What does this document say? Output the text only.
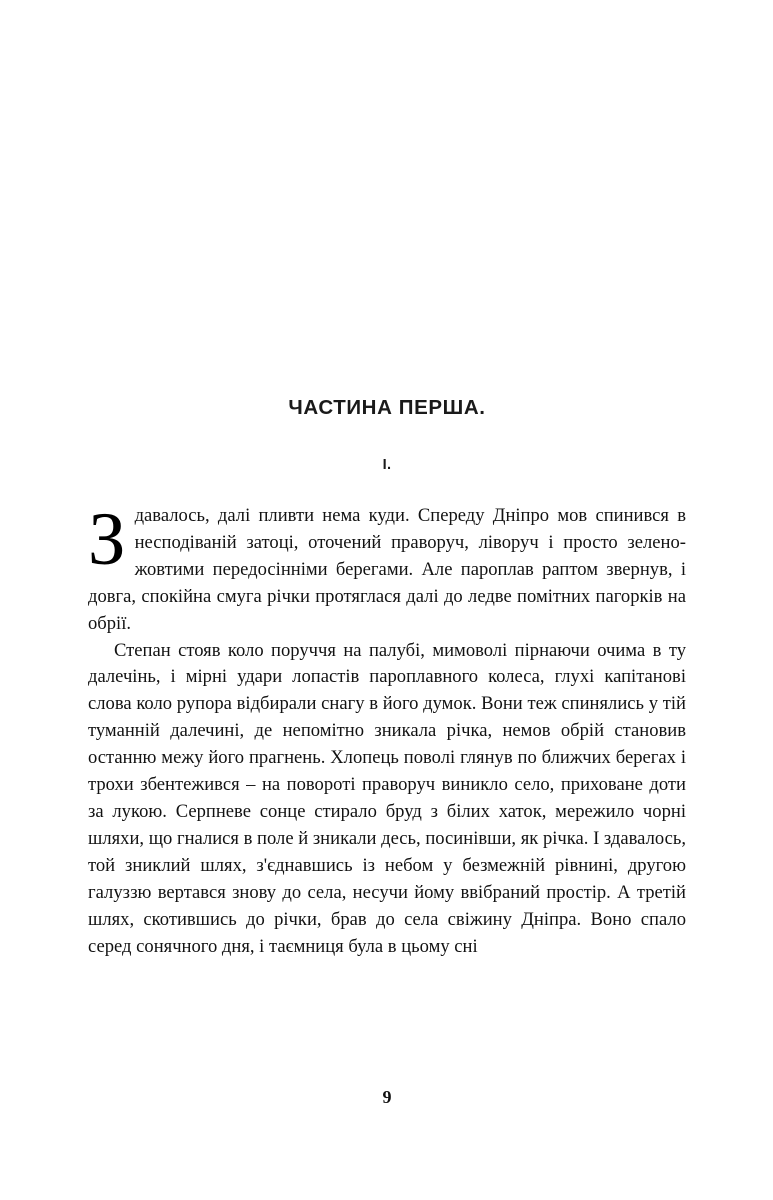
ЧАСТИНА ПЕРША.
I.

Здавалось, далі пливти нема куди. Спереду Дніпро мов спинився в несподіваній затоці, оточений праворуч, ліворуч і просто зелено-жовтими передосінніми берегами. Але пароплав раптом звернув, і довга, спокійна смуга річки протяглася далі до ледве помітних пагорків на обрії.

Степан стояв коло поруччя на палубі, мимоволі пірнаючи очима в ту далечінь, і мірні удари лопастів пароплавного колеса, глухі капітанові слова коло рупора відбирали снагу в його думок. Вони теж спинялись у тій туманній далечині, де непомітно зникала річка, немов обрій становив останню межу його прагнень. Хлопець поволі глянув по ближчих берегах і трохи збентежився – на повороті праворуч виникло село, приховане доти за лукою. Серпневе сонце стирало бруд з білих хаток, мережило чорні шляхи, що гналися в поле й зникали десь, посинівши, як річка. І здавалось, той зниклий шлях, з'єднавшись із небом у безмежній рівнині, другою галуззю вертався знову до села, несучи йому ввібраний простір. А третій шлях, скотившись до річки, брав до села свіжину Дніпра. Воно спало серед сонячного дня, і таємниця була в цьому сні

9
